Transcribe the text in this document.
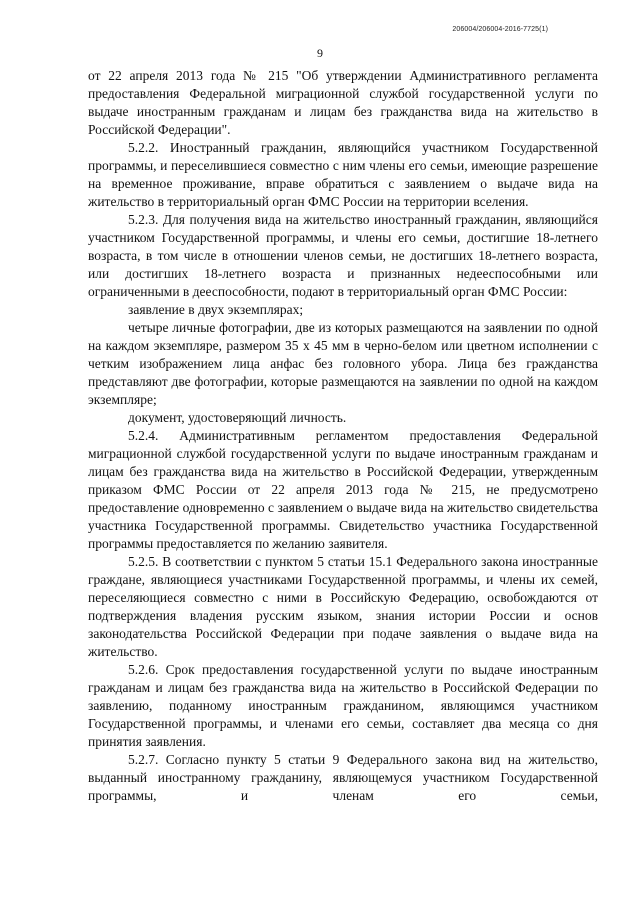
206004/206004-2016-7725(1)
9

от 22 апреля 2013 года № 215 "Об утверждении Административного регламента предоставления Федеральной миграционной службой государственной услуги по выдаче иностранным гражданам и лицам без гражданства вида на жительство в Российской Федерации".

5.2.2. Иностранный гражданин, являющийся участником Государственной программы, и переселившиеся совместно с ним члены его семьи, имеющие разрешение на временное проживание, вправе обратиться с заявлением о выдаче вида на жительство в территориальный орган ФМС России на территории вселения.

5.2.3. Для получения вида на жительство иностранный гражданин, являющийся участником Государственной программы, и члены его семьи, достигшие 18-летнего возраста, в том числе в отношении членов семьи, не достигших 18-летнего возраста, или достигших 18-летнего возраста и признанных недееспособными или ограниченными в дееспособности, подают в территориальный орган ФМС России:

заявление в двух экземплярах;

четыре личные фотографии, две из которых размещаются на заявлении по одной на каждом экземпляре, размером 35 х 45 мм в черно-белом или цветном исполнении с четким изображением лица анфас без головного убора. Лица без гражданства представляют две фотографии, которые размещаются на заявлении по одной на каждом экземпляре;

документ, удостоверяющий личность.

5.2.4. Административным регламентом предоставления Федеральной миграционной службой государственной услуги по выдаче иностранным гражданам и лицам без гражданства вида на жительство в Российской Федерации, утвержденным приказом ФМС России от 22 апреля 2013 года № 215, не предусмотрено предоставление одновременно с заявлением о выдаче вида на жительство свидетельства участника Государственной программы. Свидетельство участника Государственной программы предоставляется по желанию заявителя.

5.2.5. В соответствии с пунктом 5 статьи 15.1 Федерального закона иностранные граждане, являющиеся участниками Государственной программы, и члены их семей, переселяющиеся совместно с ними в Российскую Федерацию, освобождаются от подтверждения владения русским языком, знания истории России и основ законодательства Российской Федерации при подаче заявления о выдаче вида на жительство.

5.2.6. Срок предоставления государственной услуги по выдаче иностранным гражданам и лицам без гражданства вида на жительство в Российской Федерации по заявлению, поданному иностранным гражданином, являющимся участником Государственной программы, и членами его семьи, составляет два месяца со дня принятия заявления.

5.2.7. Согласно пункту 5 статьи 9 Федерального закона вид на жительство, выданный иностранному гражданину, являющемуся участником Государственной программы, и членам его семьи,
